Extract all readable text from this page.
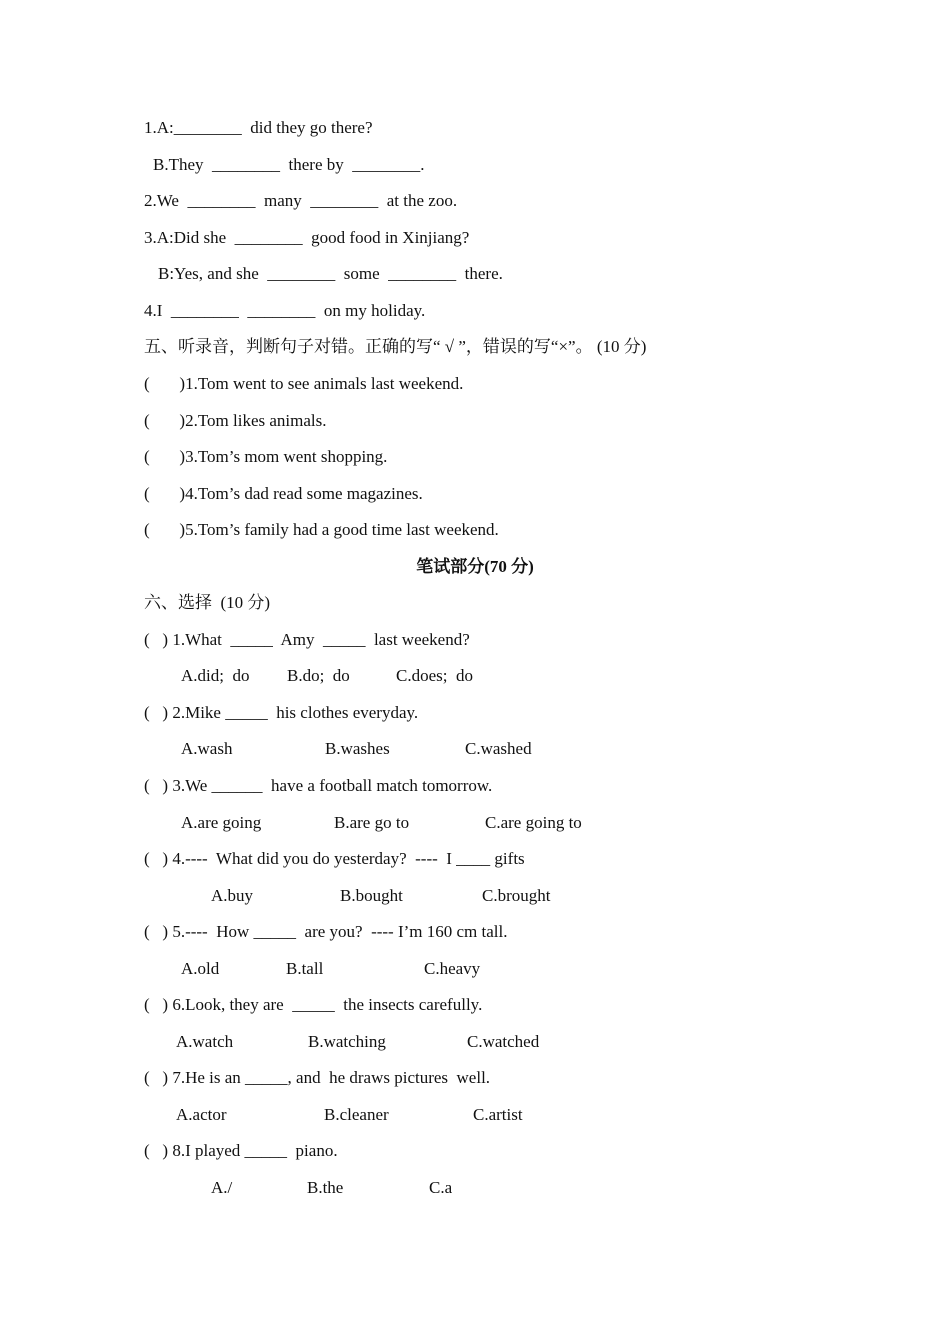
1.A:________  did they go there?
B.They  ________  there by  ________.
2.We  ________  many  ________  at the zoo.
3.A:Did she  ________  good food in Xinjiang?
B:Yes, and she  ________  some  ________  there.
4.I  ________  ________  on my holiday.
五、听录音，判断句子对错。正确的写“ √ ”，错误的写“×”。 (10 分)
(       )1.Tom went to see animals last weekend.
(       )2.Tom likes animals.
(       )3.Tom’s mom went shopping.
(       )4.Tom’s dad read some magazines.
(       )5.Tom’s family had a good time last weekend.
笔试部分(70 分)
六、选择  (10 分)
(   ) 1.What  _____  Amy  _____  last weekend?
A.did;  do B.do;  do	C.does;  do
(   ) 2.Mike _____  his clothes everyday.
A.wash	B.washes	C.washed
(   ) 3.We ______  have a football match tomorrow.
A.are going	B.are go to	C.are going to
(   ) 4.----  What did you do yesterday?  ----  I ____ gifts
A.buy	B.bought	C.brought
(   ) 5.----  How _____  are you?  ---- I’m 160 cm tall.
A.old	B.tall	C.heavy
(   ) 6.Look, they are  _____  the insects carefully.
A.watch	B.watching	C.watched
(   ) 7.He is an _____, and  he draws pictures  well.
A.actor	B.cleaner	C.artist
(   ) 8.I played _____  piano.
A./	B.the	C.a
